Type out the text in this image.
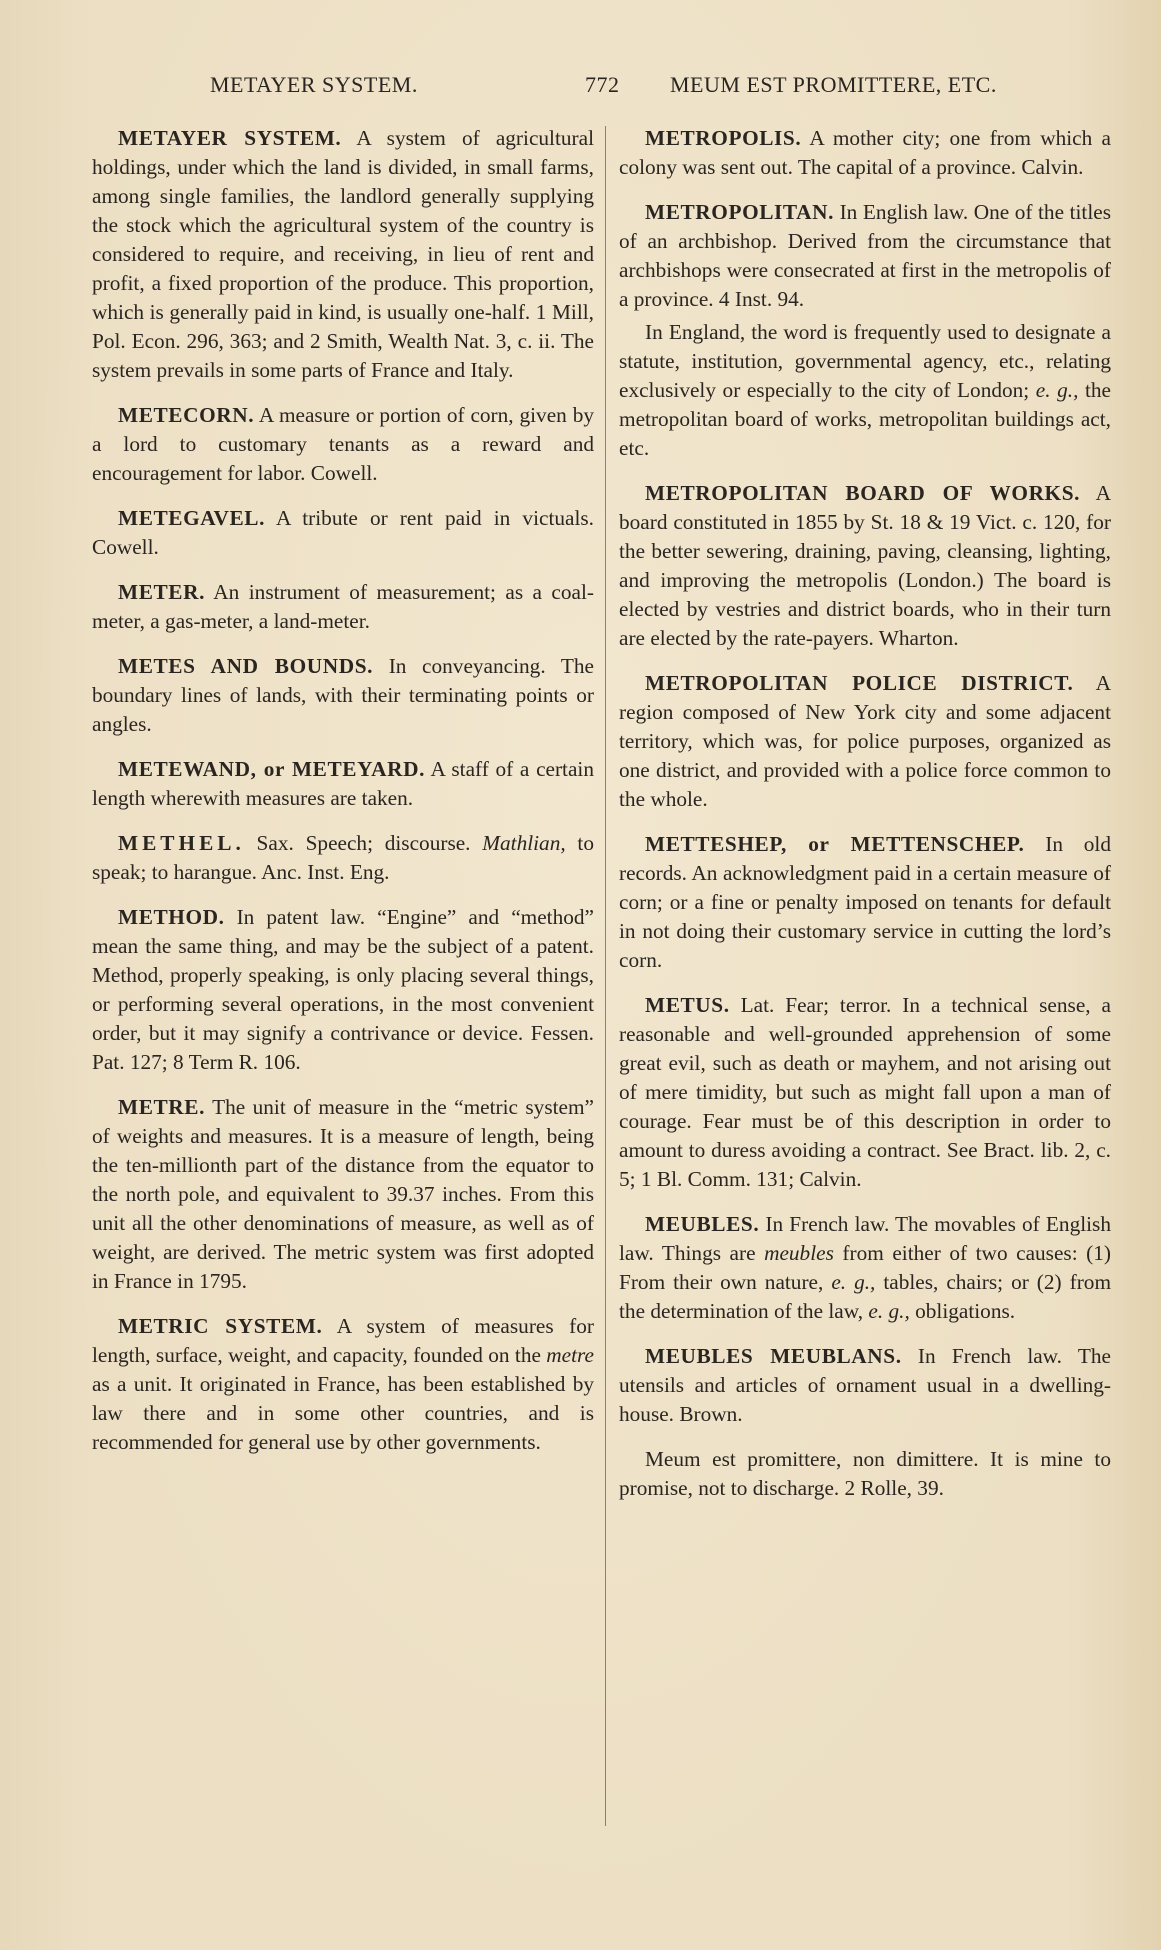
METAYER SYSTEM.	772 MEUM EST PROMITTERE, ETC.

METAYER SYSTEM. A system of agricultural holdings, under which the land is divided, in small farms, among single families, the landlord generally supplying the stock which the agricultural system of the country is considered to require, and receiving, in lieu of rent and profit, a fixed proportion of the produce. This proportion, which is generally paid in kind, is usually one-half. 1 Mill, Pol. Econ. 296, 363; and 2 Smith, Wealth Nat. 3, c. ii. The system prevails in some parts of France and Italy.

METECORN. A measure or portion of corn, given by a lord to customary tenants as a reward and encouragement for labor. Cowell.

METEGAVEL. A tribute or rent paid in victuals. Cowell.

METER. An instrument of measurement; as a coal-meter, a gas-meter, a land-meter.

METES AND BOUNDS. In conveyancing. The boundary lines of lands, with their terminating points or angles.

METEWAND, or METEYARD. A staff of a certain length wherewith measures are taken.

METHEL. Sax. Speech; discourse. Mathlian, to speak; to harangue. Anc. Inst. Eng.

METHOD. In patent law. “Engine” and “method” mean the same thing, and may be the subject of a patent. Method, properly speaking, is only placing several things, or performing several operations, in the most convenient order, but it may signify a contrivance or device. Fessen. Pat. 127; 8 Term R. 106.

METRE. The unit of measure in the “metric system” of weights and measures. It is a measure of length, being the ten-millionth part of the distance from the equator to the north pole, and equivalent to 39.37 inches. From this unit all the other denominations of measure, as well as of weight, are derived. The metric system was first adopted in France in 1795.

METRIC SYSTEM. A system of measures for length, surface, weight, and capacity, founded on the metre as a unit. It originated in France, has been established by law there and in some other countries, and is recommended for general use by other governments.

METROPOLIS. A mother city; one from which a colony was sent out. The capital of a province. Calvin.

METROPOLITAN. In English law. One of the titles of an archbishop. Derived from the circumstance that archbishops were consecrated at first in the metropolis of a province. 4 Inst. 94.

In England, the word is frequently used to designate a statute, institution, governmental agency, etc., relating exclusively or especially to the city of London; e. g., the metropolitan board of works, metropolitan buildings act, etc.

METROPOLITAN BOARD OF WORKS. A board constituted in 1855 by St. 18 & 19 Vict. c. 120, for the better sewering, draining, paving, cleansing, lighting, and improving the metropolis (London.) The board is elected by vestries and district boards, who in their turn are elected by the rate-payers. Wharton.

METROPOLITAN POLICE DISTRICT. A region composed of New York city and some adjacent territory, which was, for police purposes, organized as one district, and provided with a police force common to the whole.

METTESHEP, or METTENSCHEP. In old records. An acknowledgment paid in a certain measure of corn; or a fine or penalty imposed on tenants for default in not doing their customary service in cutting the lord’s corn.

METUS. Lat. Fear; terror. In a technical sense, a reasonable and well-grounded apprehension of some great evil, such as death or mayhem, and not arising out of mere timidity, but such as might fall upon a man of courage. Fear must be of this description in order to amount to duress avoiding a contract. See Bract. lib. 2, c. 5; 1 Bl. Comm. 131; Calvin.

MEUBLES. In French law. The movables of English law. Things are meubles from either of two causes: (1) From their own nature, e. g., tables, chairs; or (2) from the determination of the law, e. g., obligations.

MEUBLES MEUBLANS. In French law. The utensils and articles of ornament usual in a dwelling-house. Brown.

Meum est promittere, non dimittere. It is mine to promise, not to discharge. 2 Rolle, 39.
